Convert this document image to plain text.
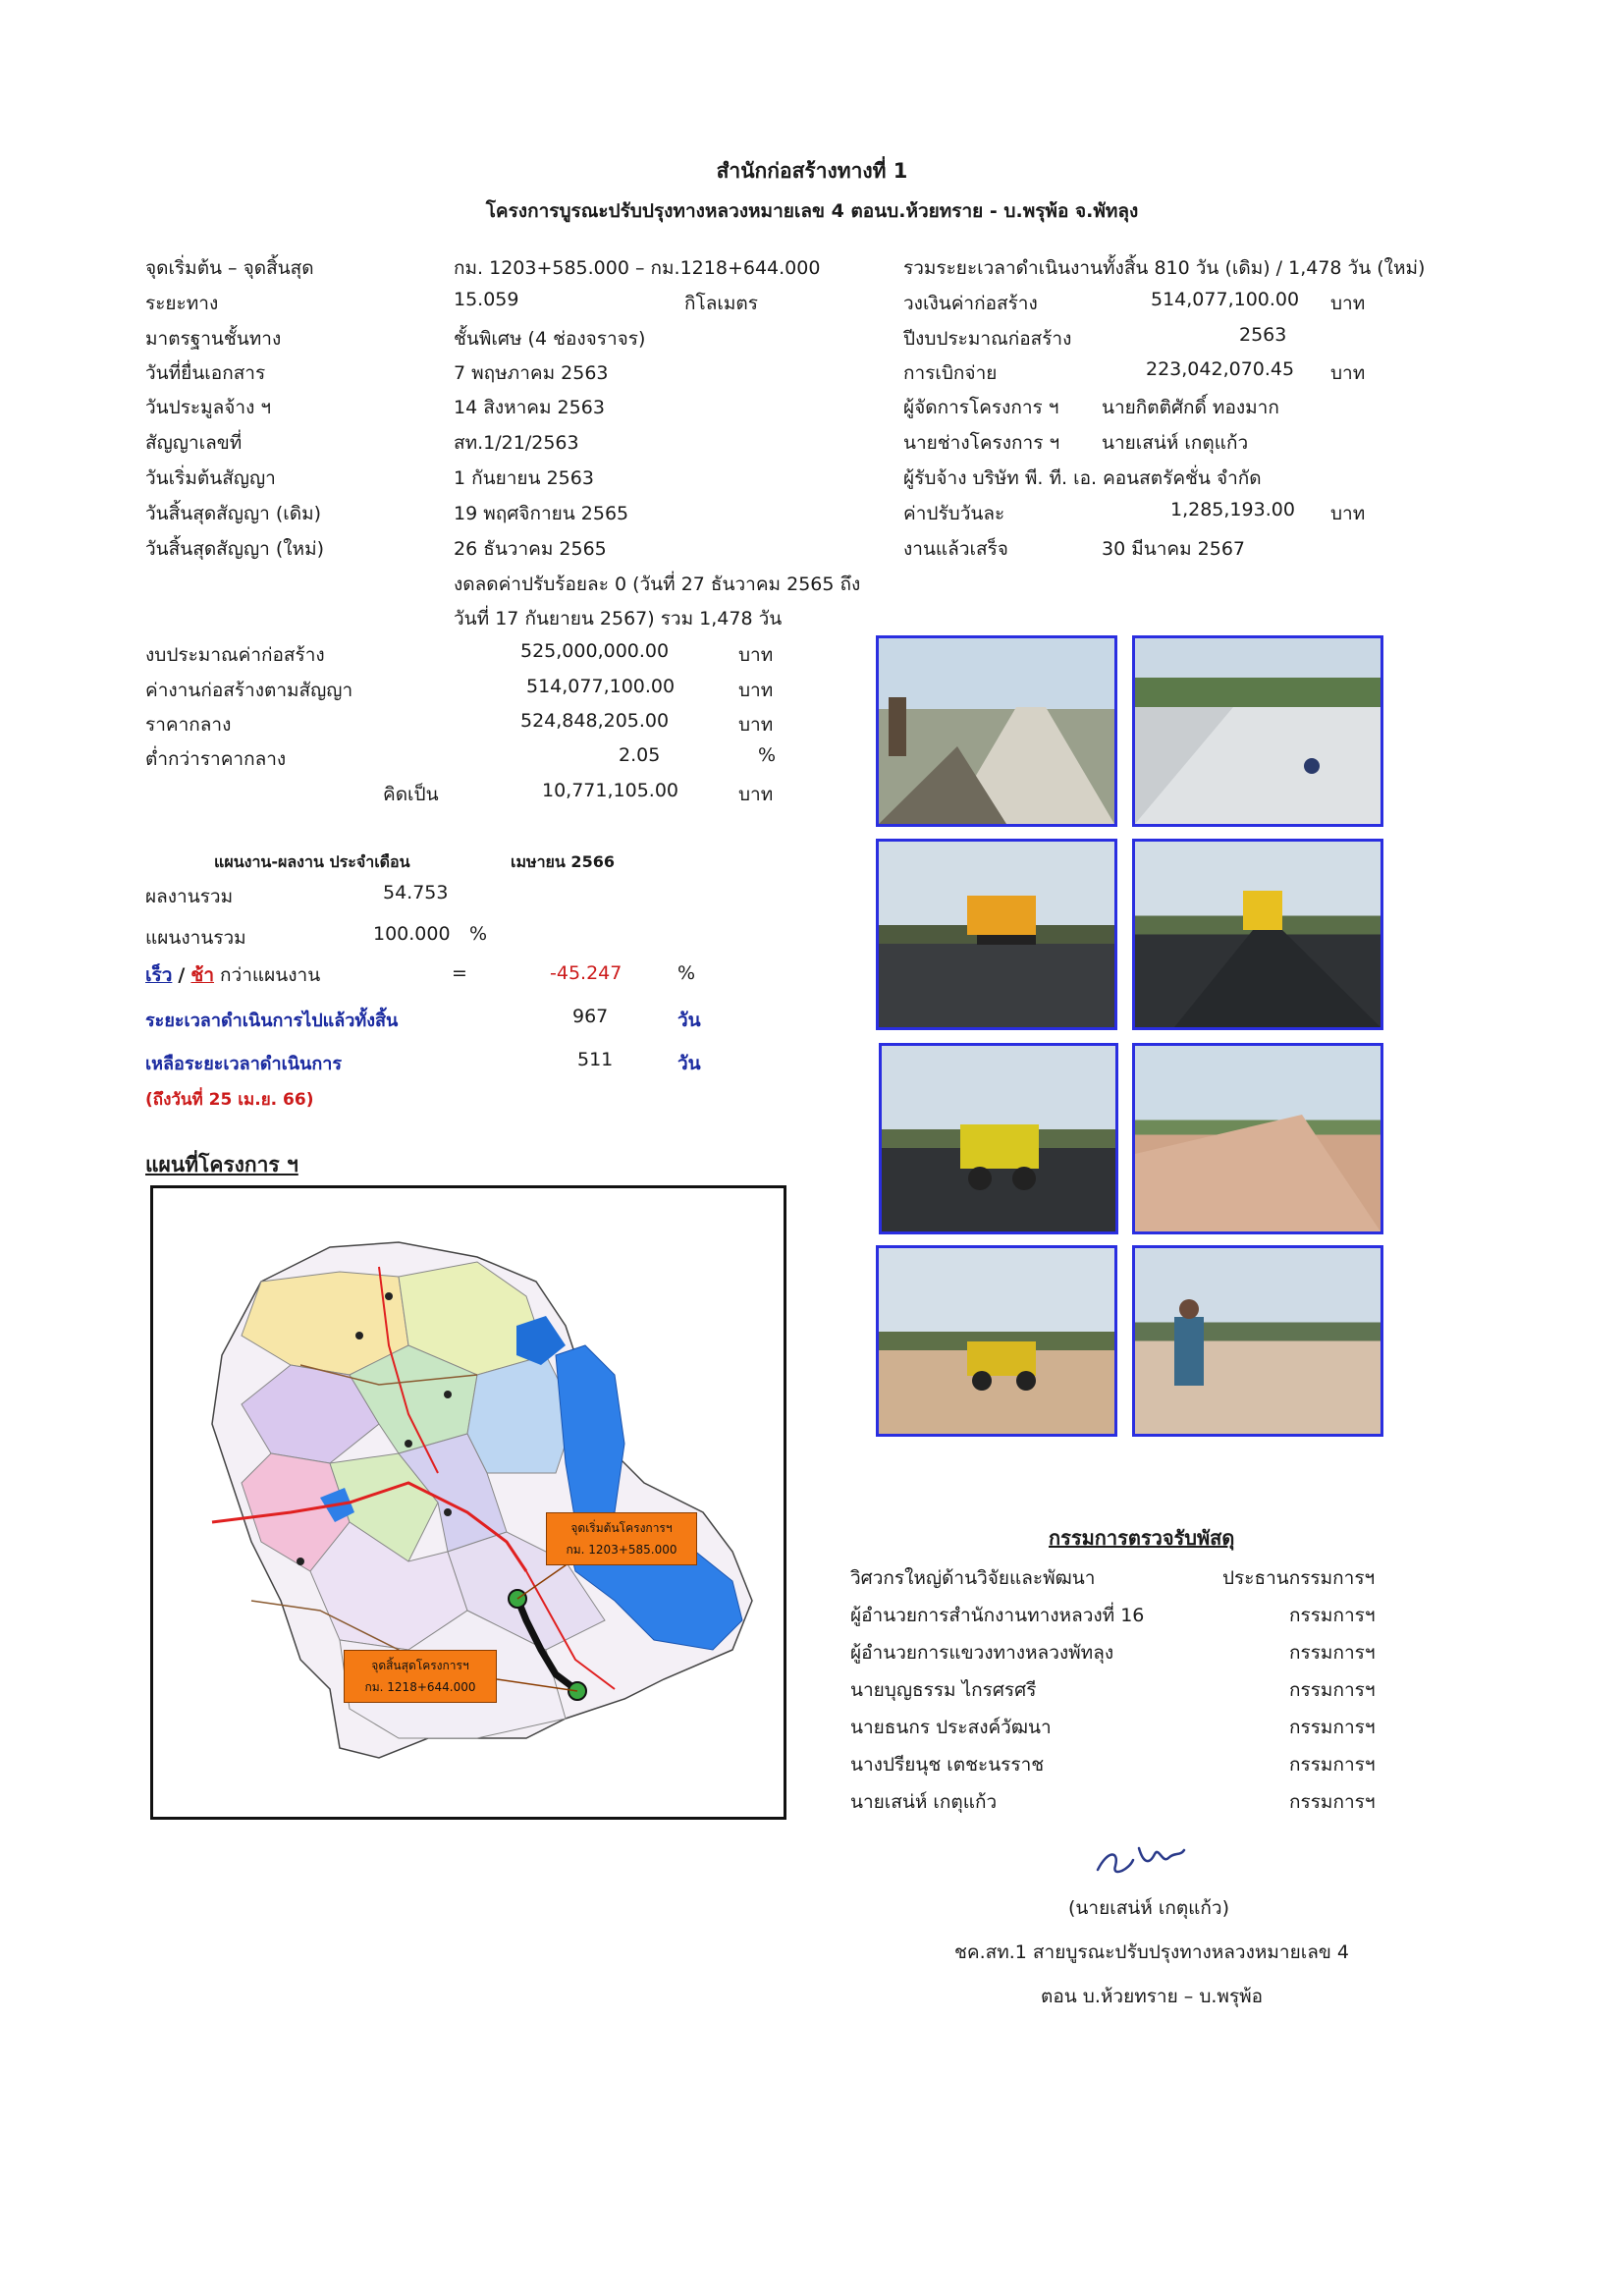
สำนักก่อสร้างทางที่ 1
โครงการบูรณะปรับปรุงทางหลวงหมายเลข 4 ตอนบ.ห้วยทราย - บ.พรุพ้อ จ.พัทลุง
จุดเริ่มต้น – จุดสิ้นสุด	กม. 1203+585.000 – กม.1218+644.000
ระยะทาง	15.059	กิโลเมตร
มาตรฐานชั้นทาง	ชั้นพิเศษ (4 ช่องจราจร)
วันที่ยื่นเอกสาร	7 พฤษภาคม 2563
วันประมูลจ้าง ฯ	14 สิงหาคม 2563
สัญญาเลขที่	สท.1/21/2563
วันเริ่มต้นสัญญา	1 กันยายน 2563
วันสิ้นสุดสัญญา (เดิม)	19 พฤศจิกายน 2565
วันสิ้นสุดสัญญา (ใหม่)	26 ธันวาคม 2565
งดลดค่าปรับร้อยละ 0 (วันที่ 27 ธันวาคม 2565 ถึง
วันที่ 17 กันยายน 2567) รวม 1,478 วัน
รวมระยะเวลาดำเนินงานทั้งสิ้น 810 วัน (เดิม) / 1,478 วัน (ใหม่)
วงเงินค่าก่อสร้าง	514,077,100.00 บาท
ปีงบประมาณก่อสร้าง	2563
การเบิกจ่าย	223,042,070.45 บาท
ผู้จัดการโครงการ ฯ นายกิตติศักดิ์ ทองมาก
นายช่างโครงการ ฯ นายเสน่ห์ เกตุแก้ว
ผู้รับจ้าง บริษัท พี. ที. เอ. คอนสตรัคชั่น จำกัด
ค่าปรับวันละ	1,285,193.00 บาท
งานแล้วเสร็จ	30 มีนาคม 2567
งบประมาณค่าก่อสร้าง	525,000,000.00	บาท
ค่างานก่อสร้างตามสัญญา	514,077,100.00	บาท
ราคากลาง	524,848,205.00	บาท
ต่ำกว่าราคากลาง	2.05	%
คิดเป็น	10,771,105.00	บาท
แผนงาน-ผลงาน ประจำเดือน	เมษายน 2566
ผลงานรวม	54.753
แผนงานรวม	100.000 %
เร็ว / ช้า กว่าแผนงาน	=	-45.247	%
ระยะเวลาดำเนินการไปแล้วทั้งสิ้น	967	วัน
เหลือระยะเวลาดำเนินการ	511	วัน
(ถึงวันที่ 25 เม.ย. 66)
แผนที่โครงการ ฯ
จุดเริ่มต้นโครงการฯ
กม. 1203+585.000
จุดสิ้นสุดโครงการฯ
กม. 1218+644.000
กรรมการตรวจรับพัสดุ
วิศวกรใหญ่ด้านวิจัยและพัฒนา	ประธานกรรมการฯ
ผู้อำนวยการสำนักงานทางหลวงที่ 16	กรรมการฯ
ผู้อำนวยการแขวงทางหลวงพัทลุง	กรรมการฯ
นายบุญธรรม ไกรศรศรี	กรรมการฯ
นายธนกร ประสงค์วัฒนา	กรรมการฯ
นางปรียนุช เตชะนรราช	กรรมการฯ
นายเสน่ห์ เกตุแก้ว	กรรมการฯ
(นายเสน่ห์ เกตุแก้ว)
ชค.สท.1 สายบูรณะปรับปรุงทางหลวงหมายเลข 4
ตอน บ.ห้วยทราย – บ.พรุพ้อ
